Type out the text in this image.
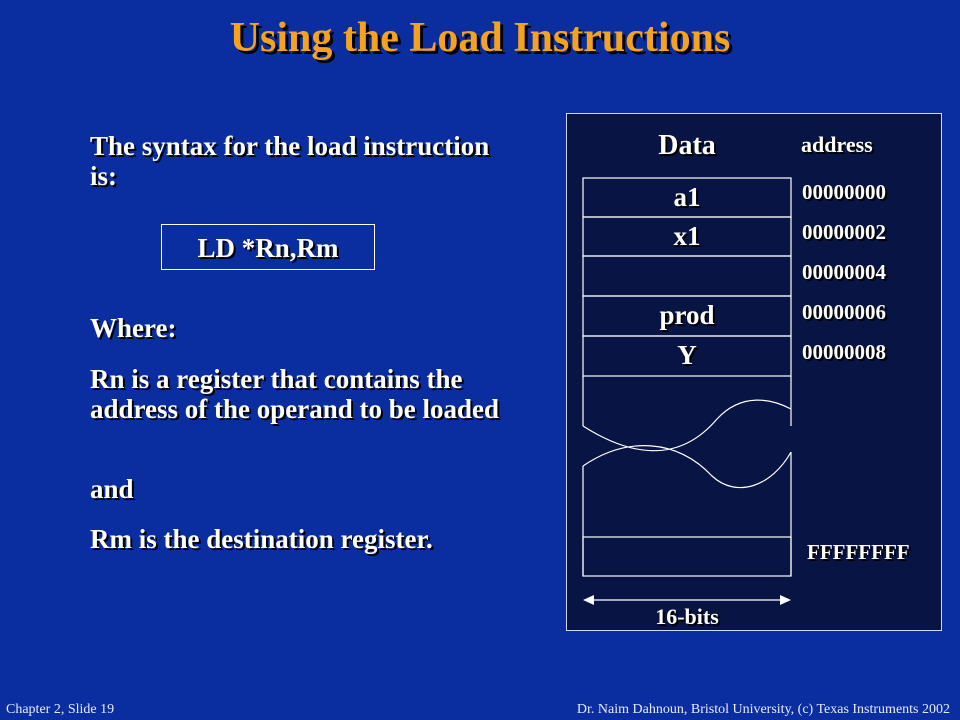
Using the Load Instructions
The syntax for the load instruction is:
LD *Rn,Rm
Where:
Rn is a register that contains the address of the operand to be loaded
and
Rm is the destination register.
Data	address
a1
x1
prod
Y
00000000
00000002
00000004
00000006
00000008
FFFFFFFF
16-bits
Chapter 2, Slide 19	Dr. Naim Dahnoun, Bristol University, (c) Texas Instruments 2002
